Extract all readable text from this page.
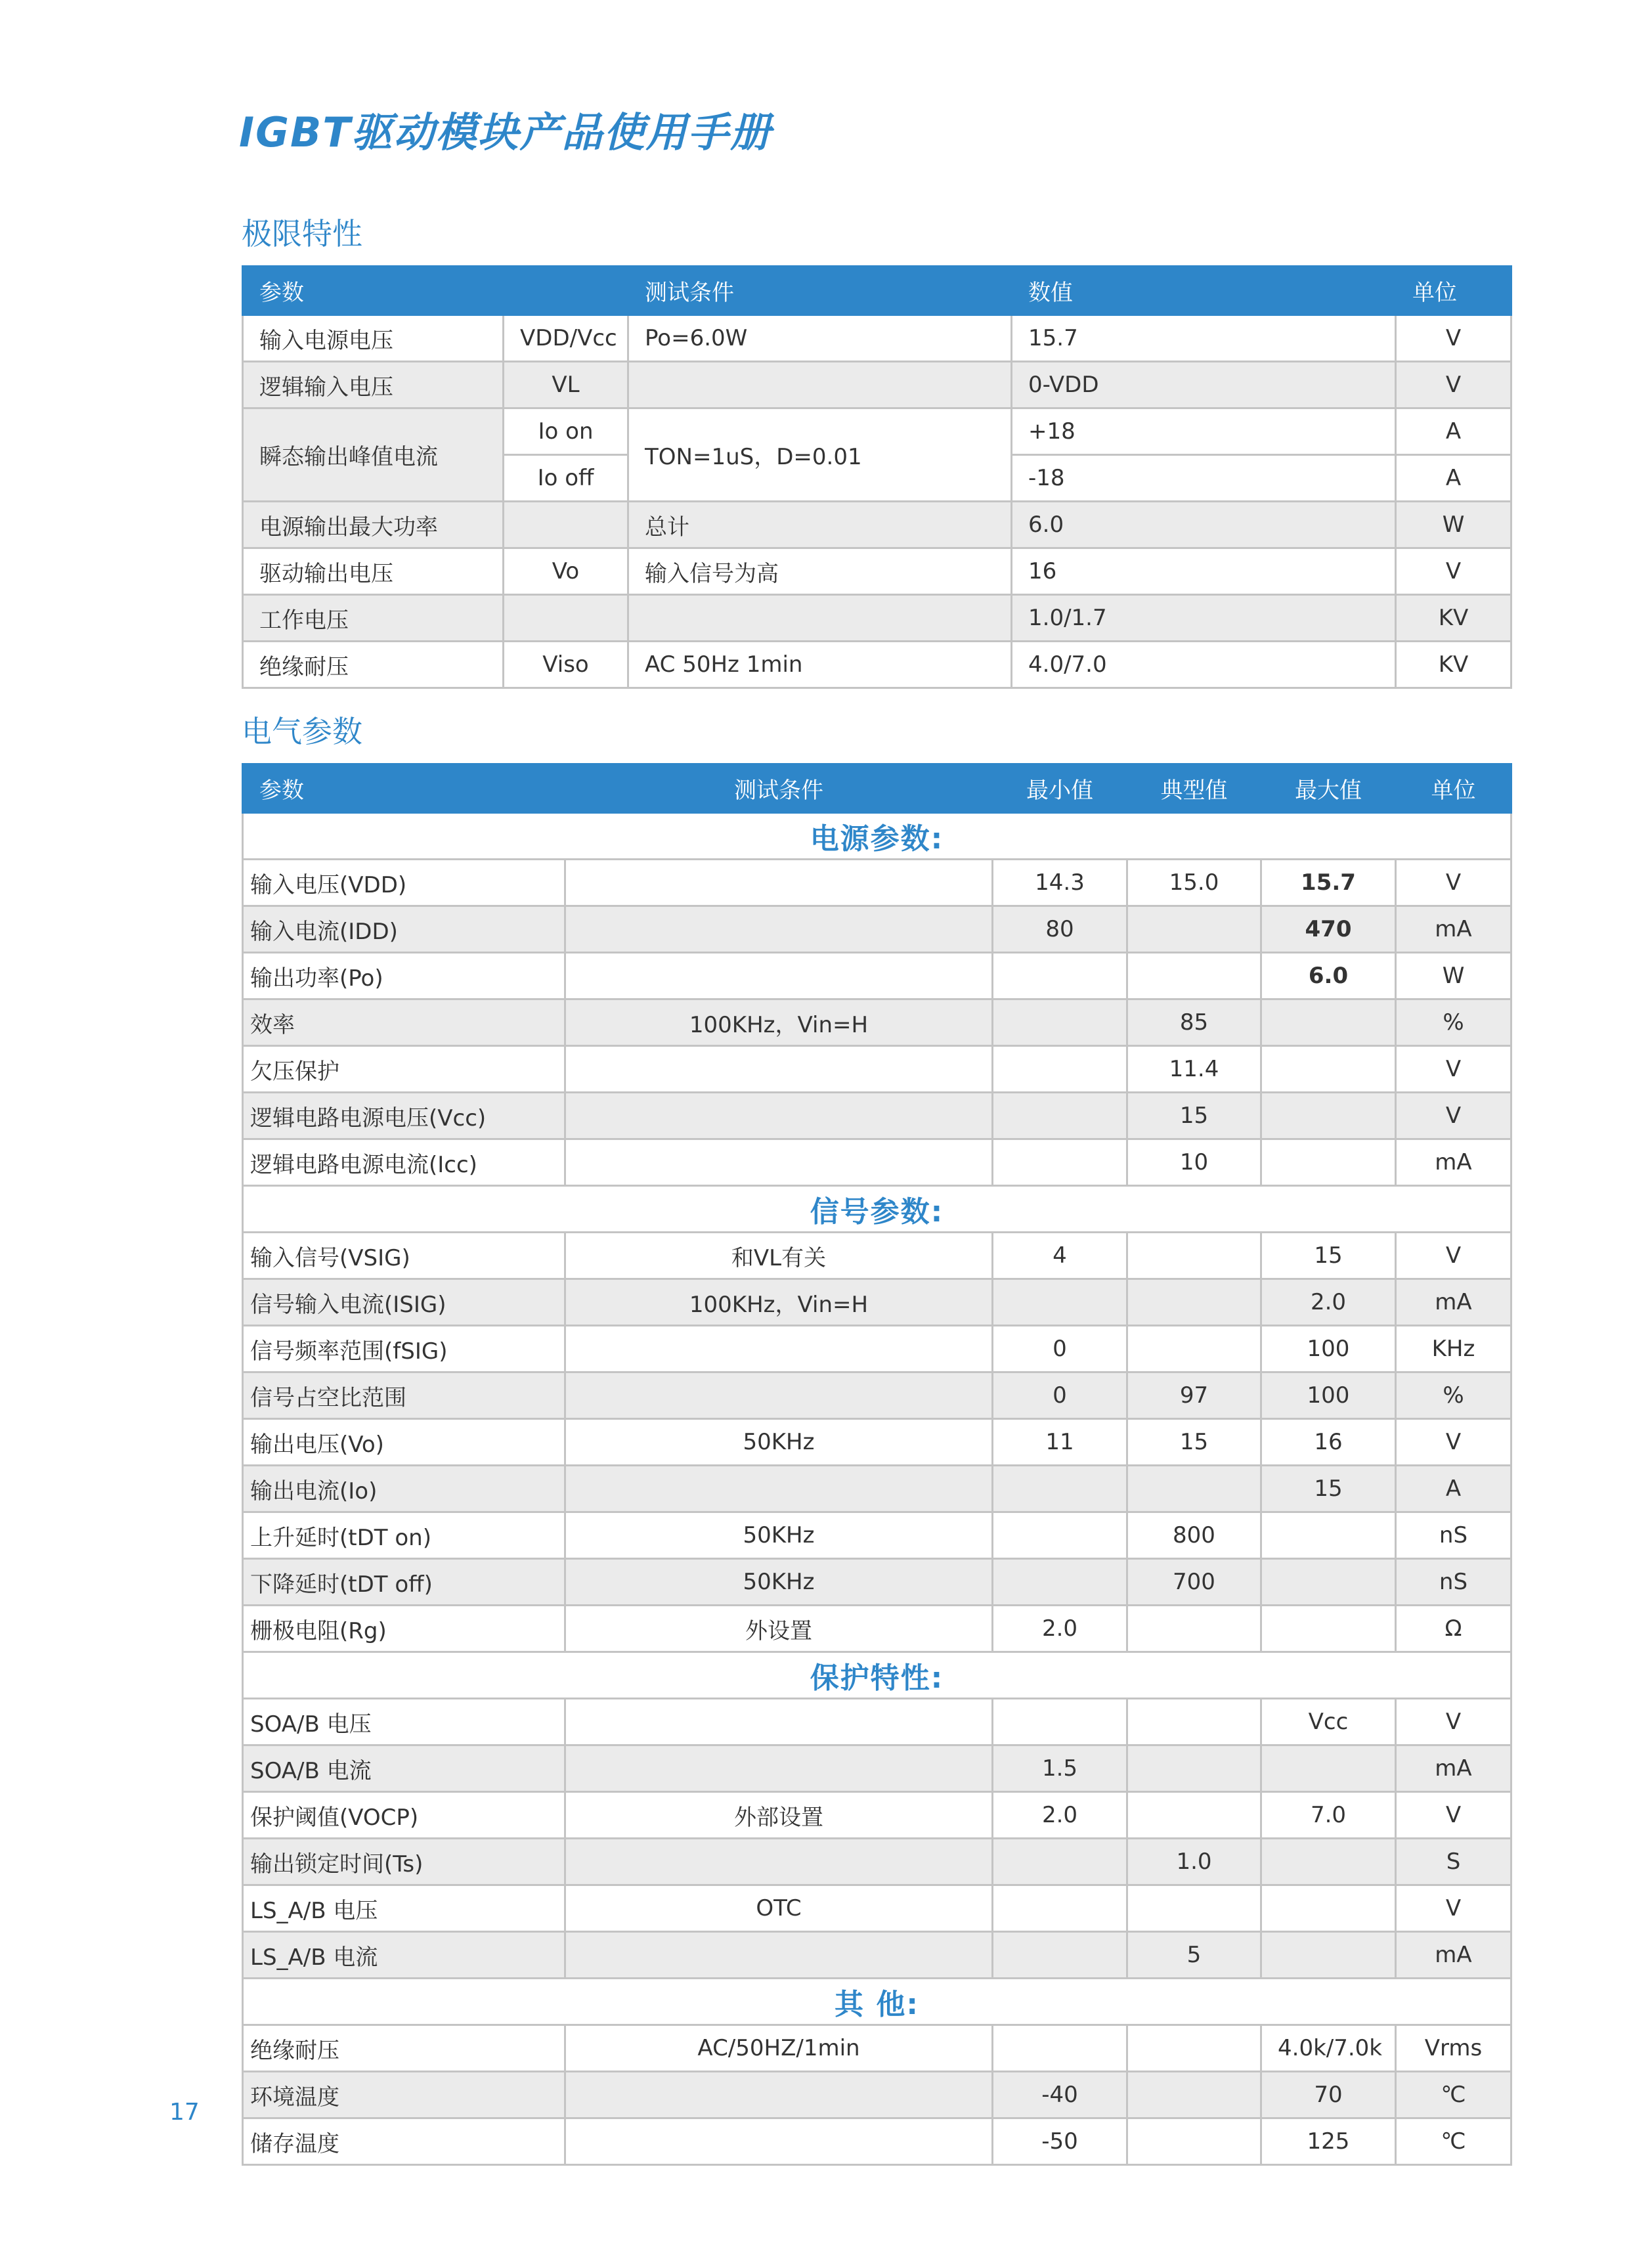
IGBT驱动模块产品使用手册
极限特性
参数		测试条件	数值	单位
输入电源电压	VDD/Vcc	Po=6.0W	15.7	V
逻辑输入电压	VL		0-VDD	V
瞬态输出峰值电流	Io on	TON=1uS，D=0.01	+18	A
	Io off		-18	A
电源输出最大功率		总计	6.0	W
驱动输出电压	Vo	输入信号为高	16	V
工作电压			1.0/1.7	KV
绝缘耐压	Viso	AC 50Hz 1min	4.0/7.0	KV
电气参数
参数	测试条件	最小值	典型值	最大值	单位
电源参数:					
输入电压(VDD)		14.3	15.0	15.7	V
输入电流(IDD)		80		470	mA
输出功率(Po)				6.0	W
效率	100KHz，Vin=H		85		%
欠压保护			11.4		V
逻辑电路电源电压(Vcc)			15		V
逻辑电路电源电流(Icc)			10		mA
信号参数:					
输入信号(VSIG)	和VL有关	4		15	V
信号输入电流(ISIG)	100KHz，Vin=H			2.0	mA
信号频率范围(fSIG)		0		100	KHz
信号占空比范围		0	97	100	%
输出电压(Vo)	50KHz	11	15	16	V
输出电流(Io)				15	A
上升延时(tDT on)	50KHz		800		nS
下降延时(tDT off)	50KHz		700		nS
栅极电阻(Rg)	外设置	2.0			Ω
保护特性:					
SOA/B 电压				Vcc	V
SOA/B 电流		1.5			mA
保护阈值(VOCP)	外部设置	2.0		7.0	V
输出锁定时间(Ts)			1.0		S
LS_A/B 电压	OTC				V
LS_A/B 电流			5		mA
其 他:					
绝缘耐压	AC/50HZ/1min			4.0k/7.0k	Vrms
环境温度		-40		70	℃
储存温度		-50		125	℃
17
